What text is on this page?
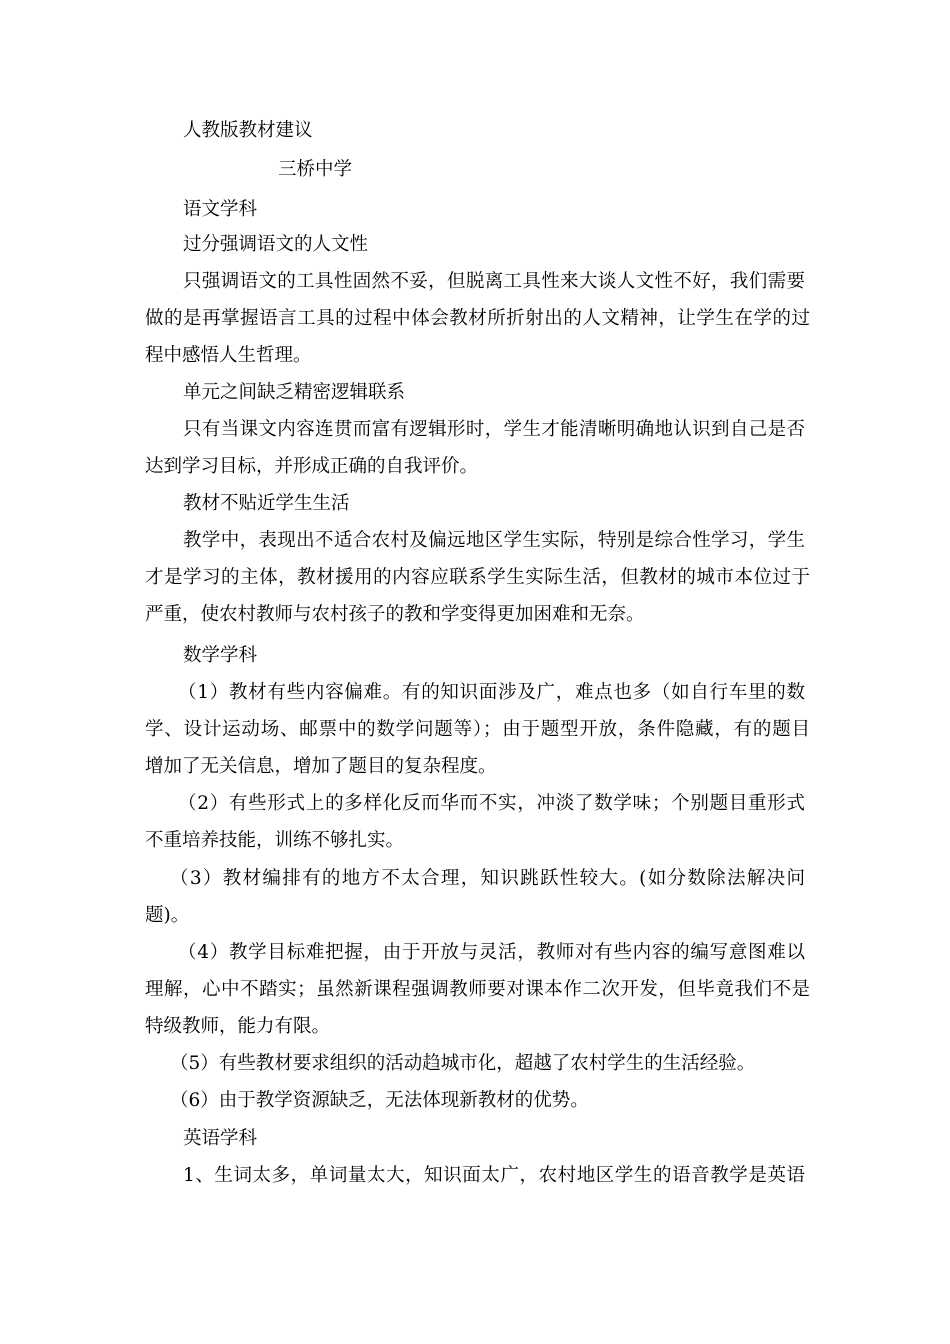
人教版教材建议
三桥中学
语文学科
过分强调语文的人文性
只强调语文的工具性固然不妥，但脱离工具性来大谈人文性不好，我们需要
做的是再掌握语言工具的过程中体会教材所折射出的人文精神，让学生在学的过
程中感悟人生哲理。
单元之间缺乏精密逻辑联系
只有当课文内容连贯而富有逻辑形时，学生才能清晰明确地认识到自己是否
达到学习目标，并形成正确的自我评价。
教材不贴近学生生活
教学中，表现出不适合农村及偏远地区学生实际，特别是综合性学习，学生
才是学习的主体，教材援用的内容应联系学生实际生活，但教材的城市本位过于
严重，使农村教师与农村孩子的教和学变得更加困难和无奈。
数学学科
（1）教材有些内容偏难。有的知识面涉及广，难点也多（如自行车里的数
学、设计运动场、邮票中的数学问题等）；由于题型开放，条件隐藏，有的题目
增加了无关信息，增加了题目的复杂程度。
（2）有些形式上的多样化反而华而不实，冲淡了数学味；个别题目重形式
不重培养技能，训练不够扎实。
（3）教材编排有的地方不太合理，知识跳跃性较大。(如分数除法解决问
题)。
（4）教学目标难把握，由于开放与灵活，教师对有些内容的编写意图难以
理解，心中不踏实；虽然新课程强调教师要对课本作二次开发，但毕竟我们不是
特级教师，能力有限。
（5）有些教材要求组织的活动趋城市化，超越了农村学生的生活经验。
（6）由于教学资源缺乏，无法体现新教材的优势。
英语学科
1、生词太多，单词量太大，知识面太广，农村地区学生的语音教学是英语
